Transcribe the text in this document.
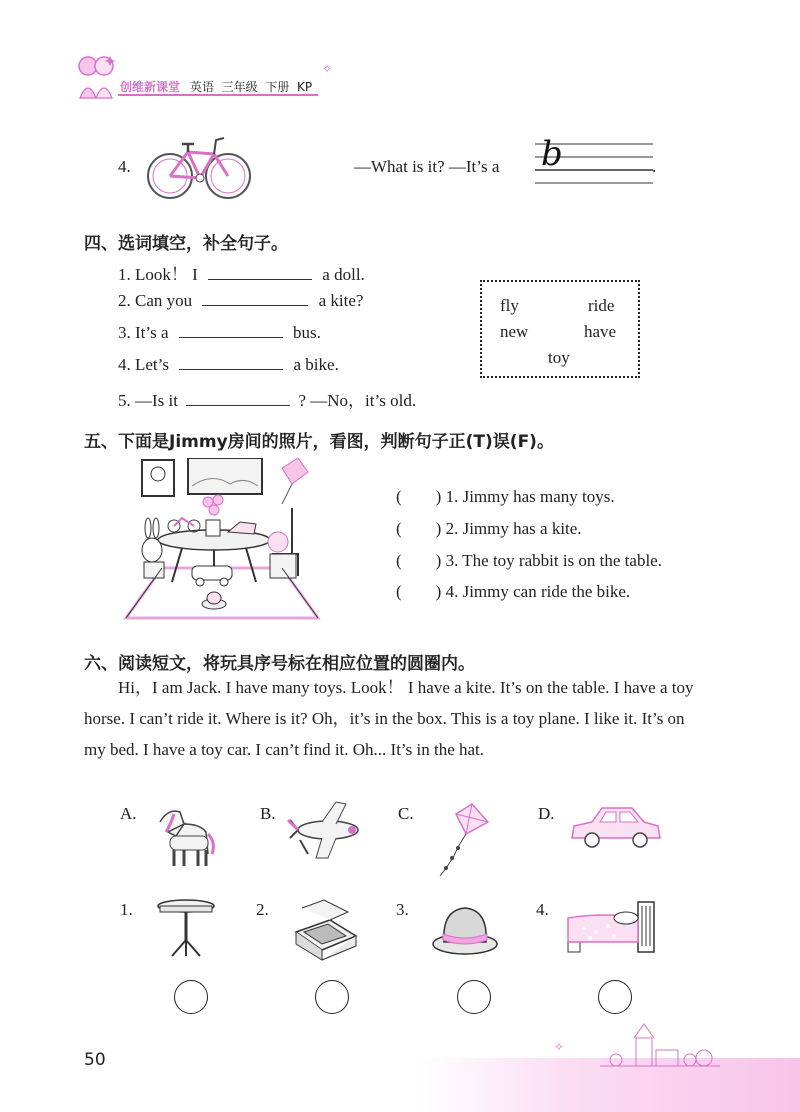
创维新课堂 英语 三年级 下册 KP
✧
4.	—What is it? —It’s a b	.
四、选词填空，补全句子。
1. Look！ I	a doll.
2. Can you	a kite?
3. It’s a	bus.
4. Let’s	a bike.
5. —Is it	? —No，it’s old.
fly	ride
new	have
toy
五、下面是Jimmy房间的照片，看图，判断句子正(T)误(F)。
(        ) 1. Jimmy has many toys.
(        ) 2. Jimmy has a kite.
(        ) 3. The toy rabbit is on the table.
(        ) 4. Jimmy can ride the bike.
六、阅读短文，将玩具序号标在相应位置的圆圈内。
Hi，I am Jack. I have many toys. Look！ I have a kite. It’s on the table. I have a toy horse. I can’t ride it. Where is it? Oh，it’s in the box. This is a toy plane. I like it. It’s on my bed. I have a toy car. I can’t find it. Oh... It’s in the hat.
A.	B.	C.	D.
1.	2.	3.	4.
✧
50
